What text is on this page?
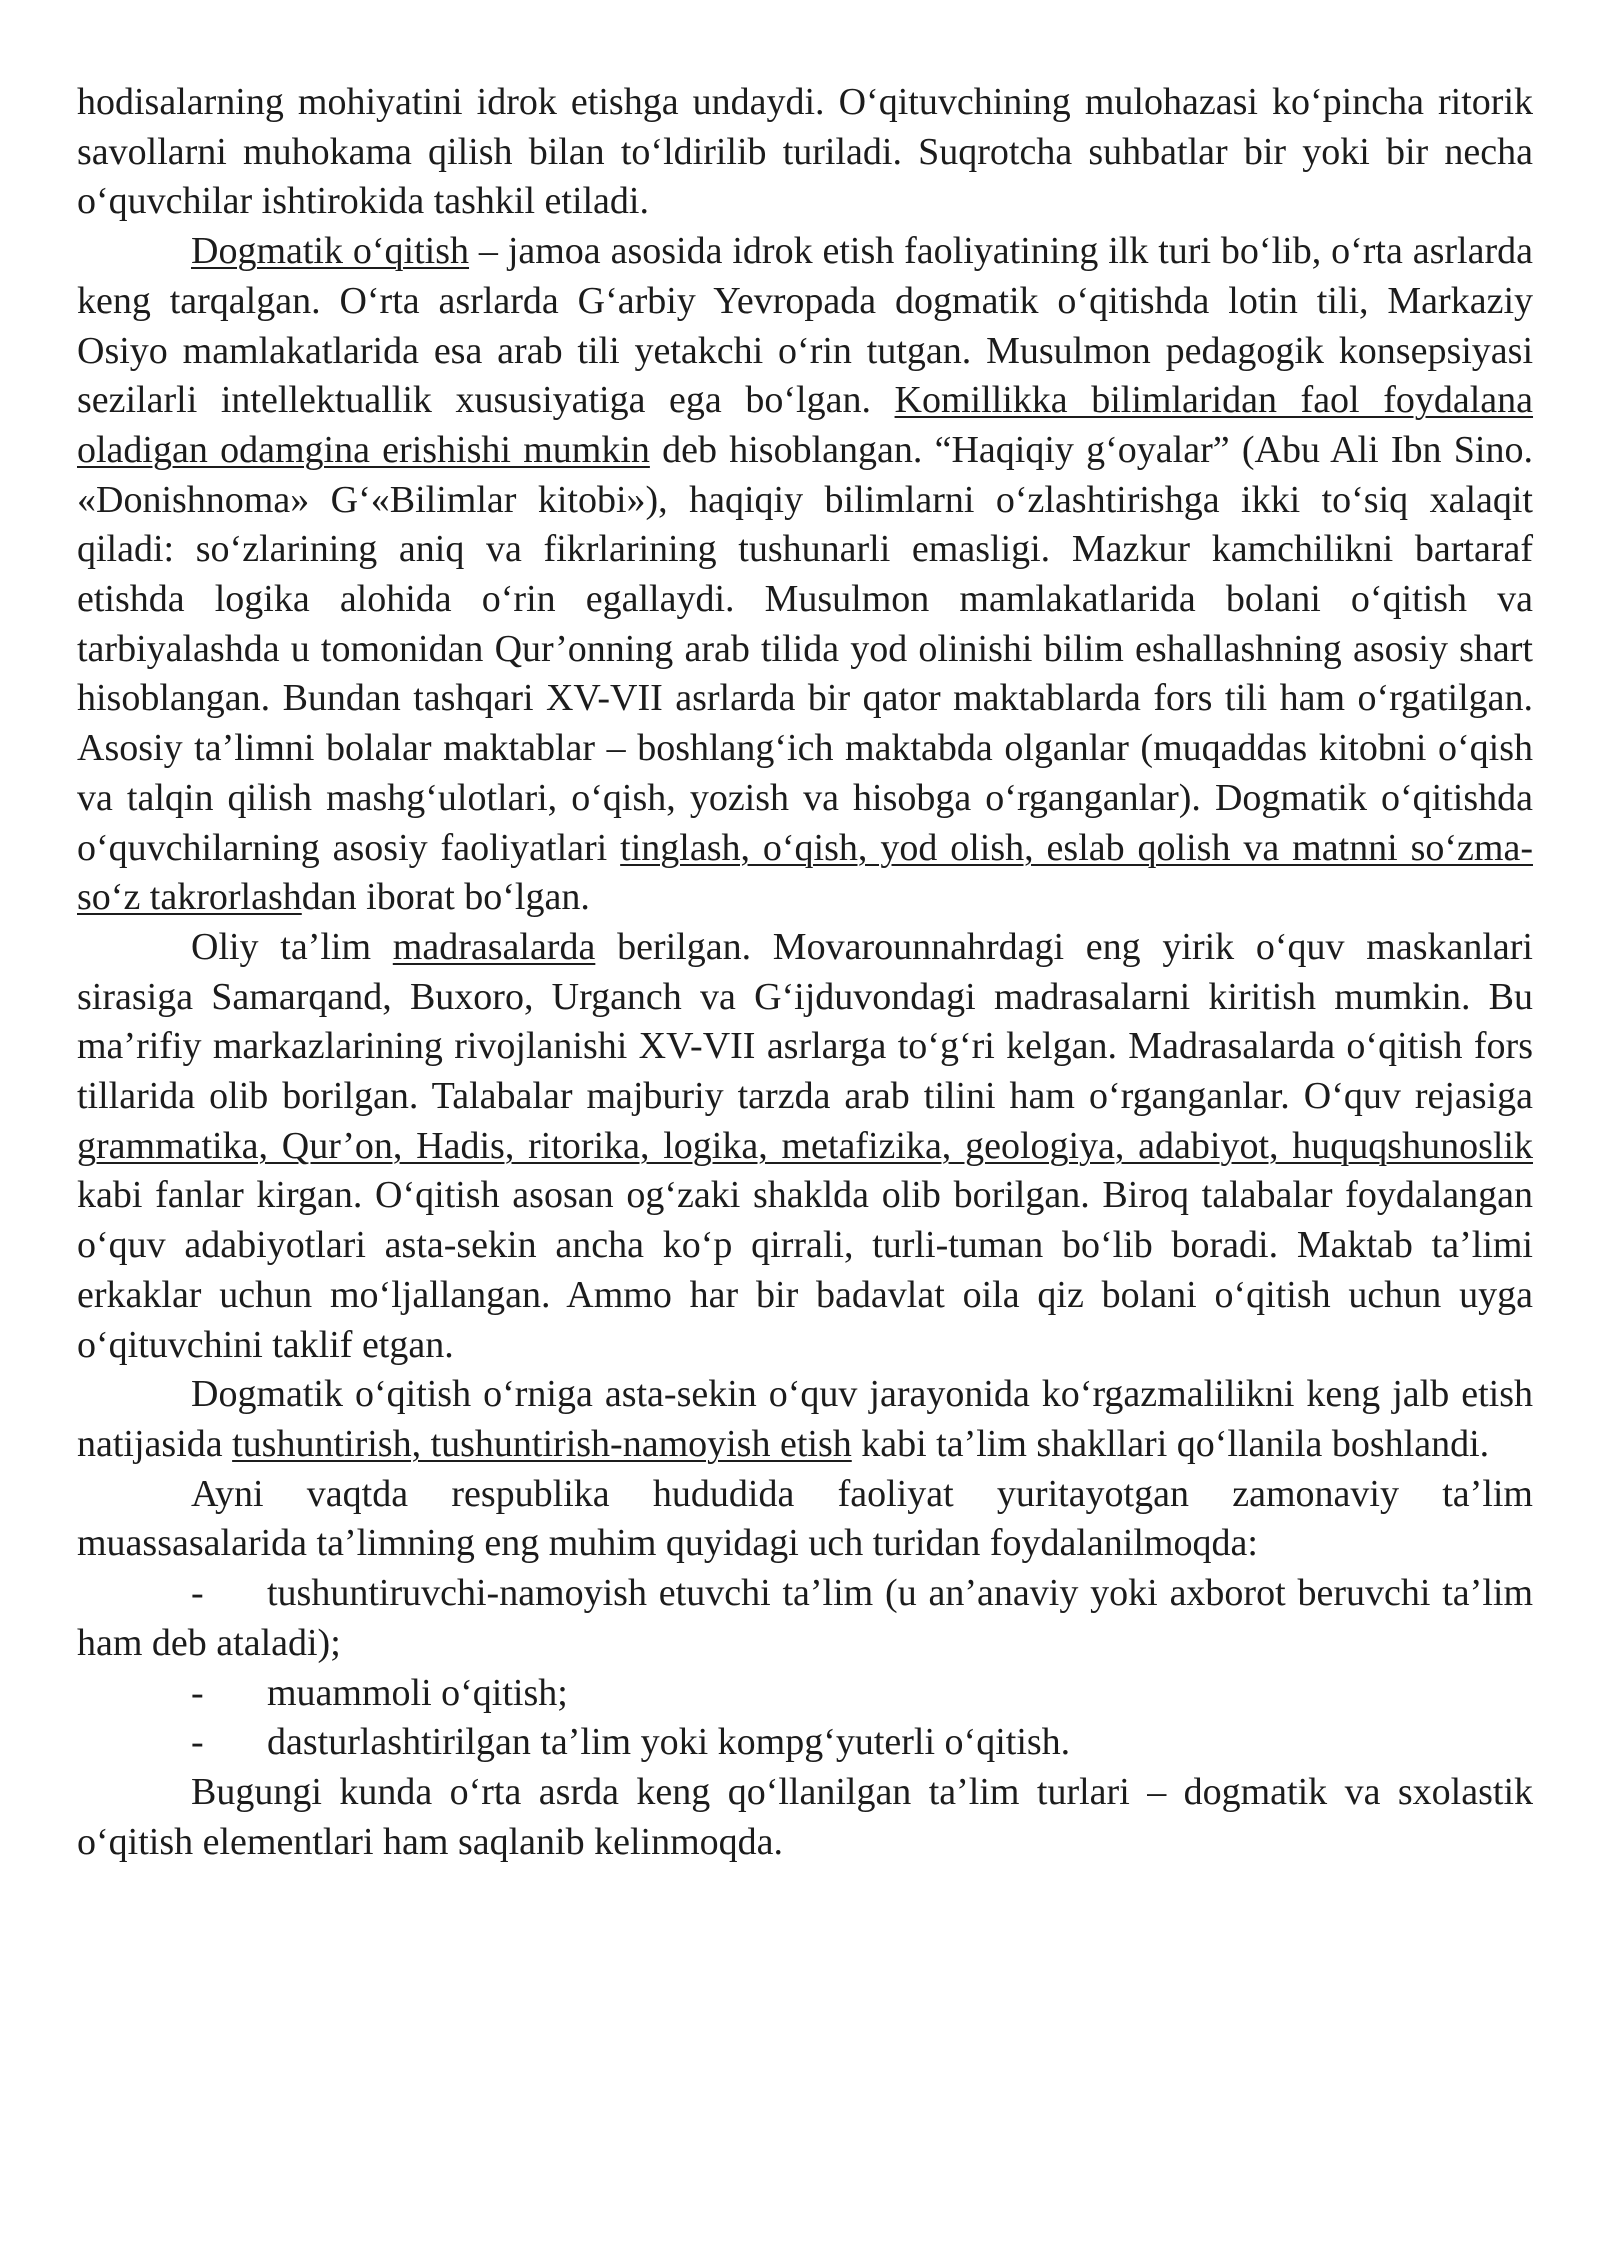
hodisalarning mohiyatini idrok etishga undaydi. O‘qituvchining mulohazasi ko‘pincha ritorik savollarni muhokama qilish bilan to‘ldirilib turiladi. Suqrotcha suhbatlar bir yoki bir necha o‘quvchilar ishtirokida tashkil etiladi.

Dogmatik o‘qitish – jamoa asosida idrok etish faoliyatining ilk turi bo‘lib, o‘rta asrlarda keng tarqalgan. O‘rta asrlarda G‘arbiy Yevropada dogmatik o‘qitishda lotin tili, Markaziy Osiyo mamlakatlarida esa arab tili yetakchi o‘rin tutgan. Musulmon pedagogik konsepsiyasi sezilarli intellektuallik xususiyatiga ega bo‘lgan. Komillikka bilimlaridan faol foydalana oladigan odamgina erishishi mumkin deb hisoblangan. “Haqiqiy g‘oyalar” (Abu Ali Ibn Sino. «Donishnoma» G‘«Bilimlar kitobi»), haqiqiy bilimlarni o‘zlashtirishga ikki to‘siq xalaqit qiladi: so‘zlarining aniq va fikrlarining tushunarli emasligi. Mazkur kamchilikni bartaraf etishda logika alohida o‘rin egallaydi. Musulmon mamlakatlarida bolani o‘qitish va tarbiyalashda u tomonidan Qur’onning arab tilida yod olinishi bilim eshallashning asosiy shart hisoblangan. Bundan tashqari XV-VII asrlarda bir qator maktablarda fors tili ham o‘rgatilgan. Asosiy ta’limni bolalar maktablar – boshlang‘ich maktabda olganlar (muqaddas kitobni o‘qish va talqin qilish mashg‘ulotlari, o‘qish, yozish va hisobga o‘rganganlar). Dogmatik o‘qitishda o‘quvchilarning asosiy faoliyatlari tinglash, o‘qish, yod olish, eslab qolish va matnni so‘zma-so‘z takrorlashdan iborat bo‘lgan.

Oliy ta’lim madrasalarda berilgan. Movarounnahrdagi eng yirik o‘quv maskanlari sirasiga Samarqand, Buxoro, Urganch va G‘ijduvondagi madrasalarni kiritish mumkin. Bu ma’rifiy markazlarining rivojlanishi XV-VII asrlarga to‘g‘ri kelgan. Madrasalarda o‘qitish fors tillarida olib borilgan. Talabalar majburiy tarzda arab tilini ham o‘rganganlar. O‘quv rejasiga grammatika, Qur’on, Hadis, ritorika, logika, metafizika, geologiya, adabiyot, huquqshunoslik kabi fanlar kirgan. O‘qitish asosan og‘zaki shaklda olib borilgan. Biroq talabalar foydalangan o‘quv adabiyotlari asta-sekin ancha ko‘p qirrali, turli-tuman bo‘lib boradi. Maktab ta’limi erkaklar uchun mo‘ljallangan. Ammo har bir badavlat oila qiz bolani o‘qitish uchun uyga o‘qituvchini taklif etgan.

Dogmatik o‘qitish o‘rniga asta-sekin o‘quv jarayonida ko‘rgazmalilikni keng jalb etish natijasida tushuntirish, tushuntirish-namoyish etish kabi ta’lim shakllari qo‘llanila boshlandi.

Ayni vaqtda respublika hududida faoliyat yuritayotgan zamonaviy ta’lim muassasalarida ta’limning eng muhim quyidagi uch turidan foydalanilmoqda:

- tushuntiruvchi-namoyish etuvchi ta’lim (u an’anaviy yoki axborot beruvchi ta’lim ham deb ataladi);

- muammoli o‘qitish;

- dasturlashtirilgan ta’lim yoki kompg‘yuterli o‘qitish.

Bugungi kunda o‘rta asrda keng qo‘llanilgan ta’lim turlari – dogmatik va sxolastik o‘qitish elementlari ham saqlanib kelinmoqda.
